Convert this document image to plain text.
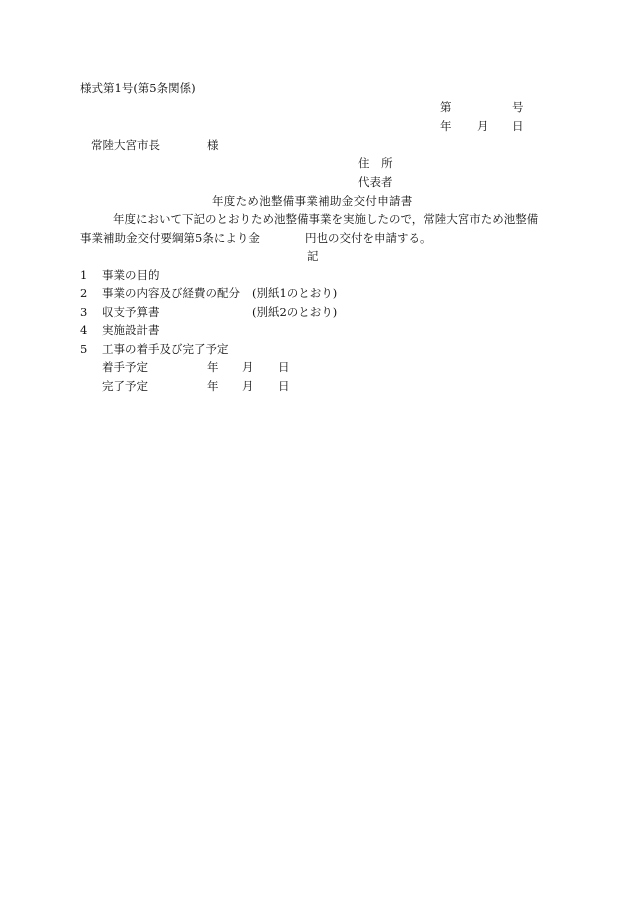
様式第1号(第5条関係)
第	号
年 月 日
常陸大宮市長	様
住 所
代表者
年度ため池整備事業補助金交付申請書
年度において下記のとおりため池整備事業を実施したので，常陸大宮市ため池整備
事業補助金交付要綱第5条により金	円也の交付を申請する。
記
1 事業の目的
2 事業の内容及び経費の配分 (別紙1のとおり)
3 収支予算書	(別紙2のとおり)
4 実施設計書
5 工事の着手及び完了予定
着手予定	年 月 日
完了予定	年 月 日
